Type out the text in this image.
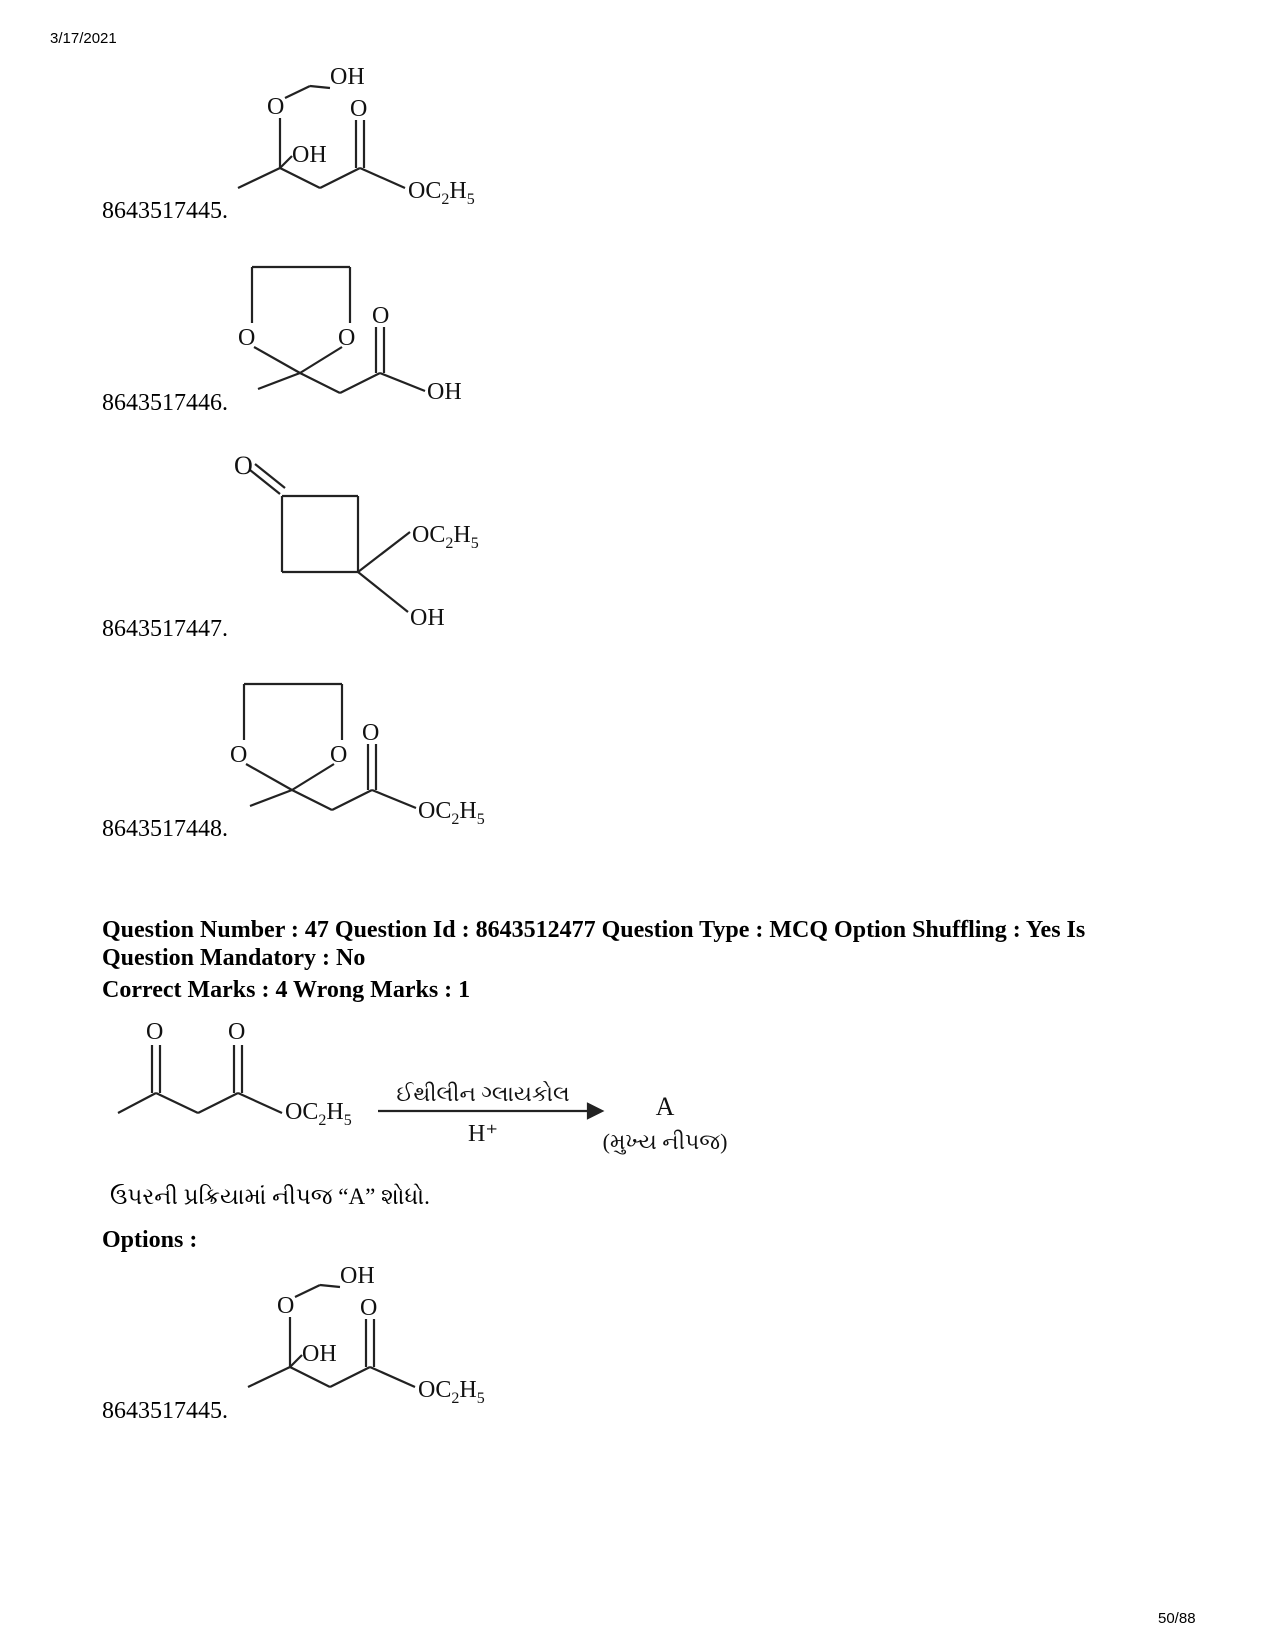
3/17/2021
O
OH
O
OH
$OC_2H_5$
8643517445.
O	O
O
OH
8643517446.
O
$OC_2H_5$
OH
8643517447.
O	O
O
$OC_2H_5$
8643517448.
Question Number : 47 Question Id : 8643512477 Question Type : MCQ Option Shuffling : Yes Is
Question Mandatory : No
Correct Marks : 4 Wrong Marks : 1
O	O
$OC_2H_5$
ઈથીલીન ગ્લાયકોલ
H⁺
A
(મુખ્ય નીપજ)
ઉપરની પ્રક્રિયામાં નીપજ “A” શોધો.
Options :
O
OH
O
OH
$OC_2H_5$
8643517445.
50/88
